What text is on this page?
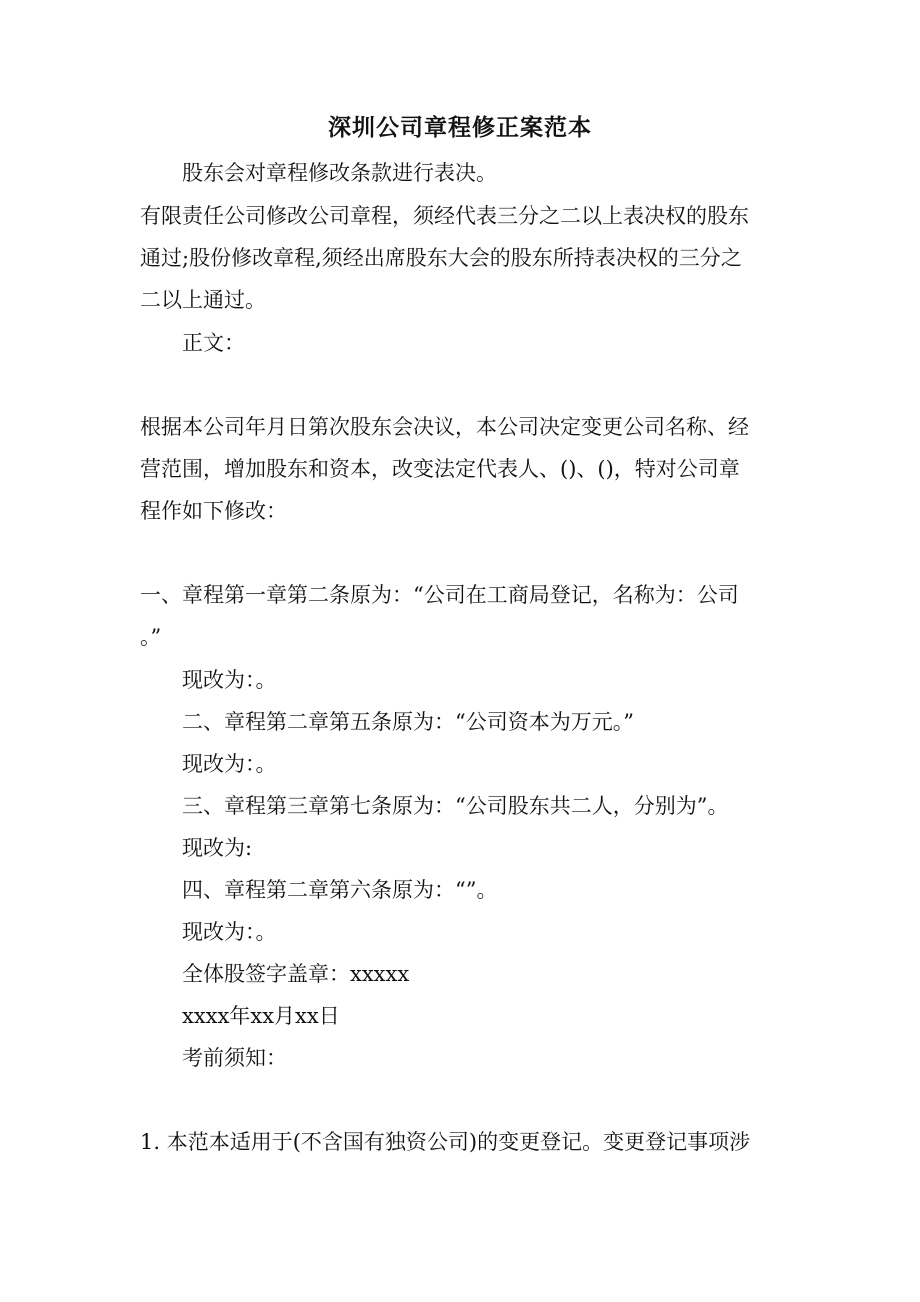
深圳公司章程修正案范本
股东会对章程修改条款进行表决。
有限责任公司修改公司章程，须经代表三分之二以上表决权的股东
通过;股份修改章程,须经出席股东大会的股东所持表决权的三分之
二以上通过。
正文：
根据本公司年月日第次股东会决议，本公司决定变更公司名称、经
营范围，增加股东和资本，改变法定代表人、()、()，特对公司章
程作如下修改：
一、章程第一章第二条原为：“公司在工商局登记，名称为：公司
。”
现改为：。
二、章程第二章第五条原为：“公司资本为万元。”
现改为：。
三、章程第三章第七条原为：“公司股东共二人，分别为”。
现改为:
四、章程第二章第六条原为：“”。
现改为：。
全体股签字盖章：xxxxx
xxxx年xx月xx日
考前须知：
1. 本范本适用于(不含国有独资公司)的变更登记。变更登记事项涉
